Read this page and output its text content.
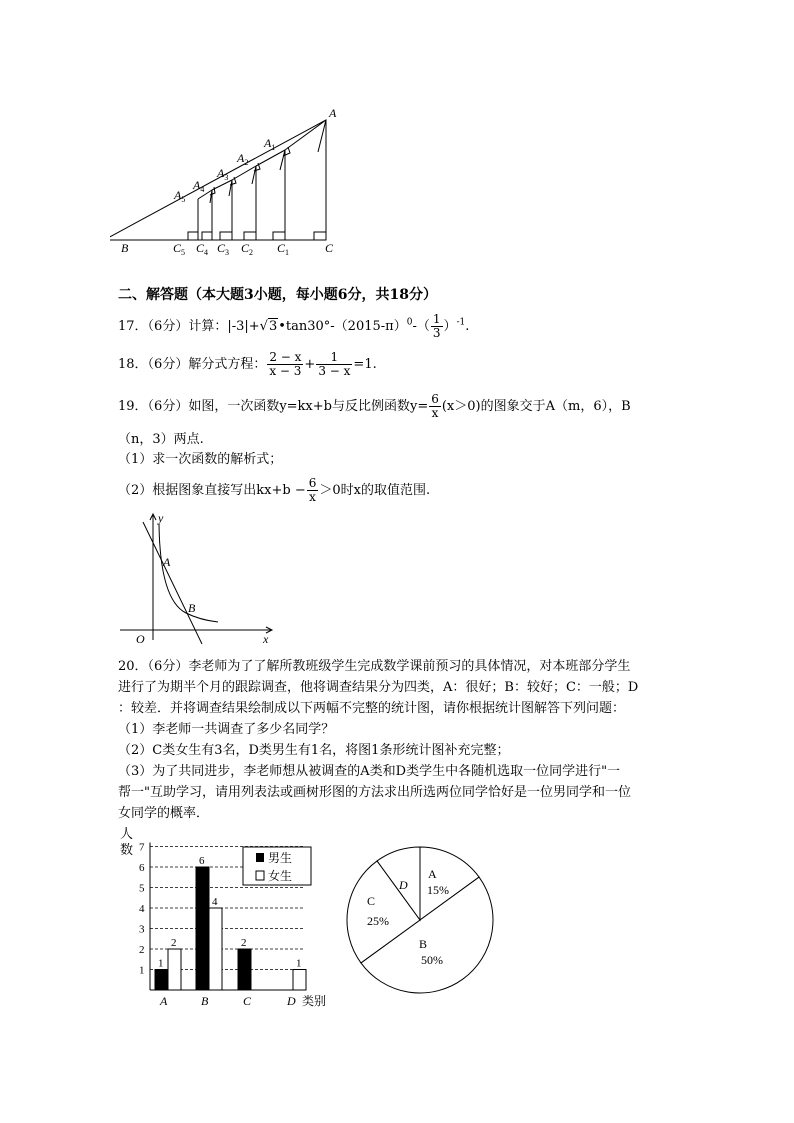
A
$A_1$
$A_2$
$A_3$
$A_4$
$A_5$
B	C
$C_1$
$C_2$
$C_3$
$C_4$
$C_5$
二、解答题（本大题3小题，每小题6分，共18分）
17．（6分）计算：$|-3|+√3•\tan 30^\circ-(2015-\pi)^0-( \frac{1}{3} )^{-1}$.
18．（6分）解分式方程： $\frac{2 - x}{x - 3} + \frac{1}{3 - x} =1$.
19．（6分）如图，一次函数y=kx+b与反比例函数$y= \frac{6}{x} (x>0)$的图象交于A（m，6），B
（n，3）两点.
（1）求一次函数的解析式；
（2）根据图象直接写出$kx+b - \frac{6}{x} >0$时x的取值范围.
y
x
O
A
B
20．（6分）李老师为了了解所教班级学生完成数学课前预习的具体情况，对本班部分学生
进行了为期半个月的跟踪调查，他将调查结果分为四类，A：很好；B：较好；C：一般；D
：较差．并将调查结果绘制成以下两幅不完整的统计图，请你根据统计图解答下列问题：
（1）李老师一共调查了多少名同学？
（2）C类女生有3名，D类男生有1名，将图1条形统计图补充完整；
（3）为了共同进步，李老师想从被调查的A类和D类学生中各随机选取一位同学进行"一
帮一"互助学习，请用列表法或画树形图的方法求出所选两位同学恰好是一位男同学和一位
女同学的概率．
人
数
1
2
3
4
5
6
7
1
2
A
6
4
B
2
C
1
D 类别
男生
女生	A
15%
B
50%
C
25%
D
